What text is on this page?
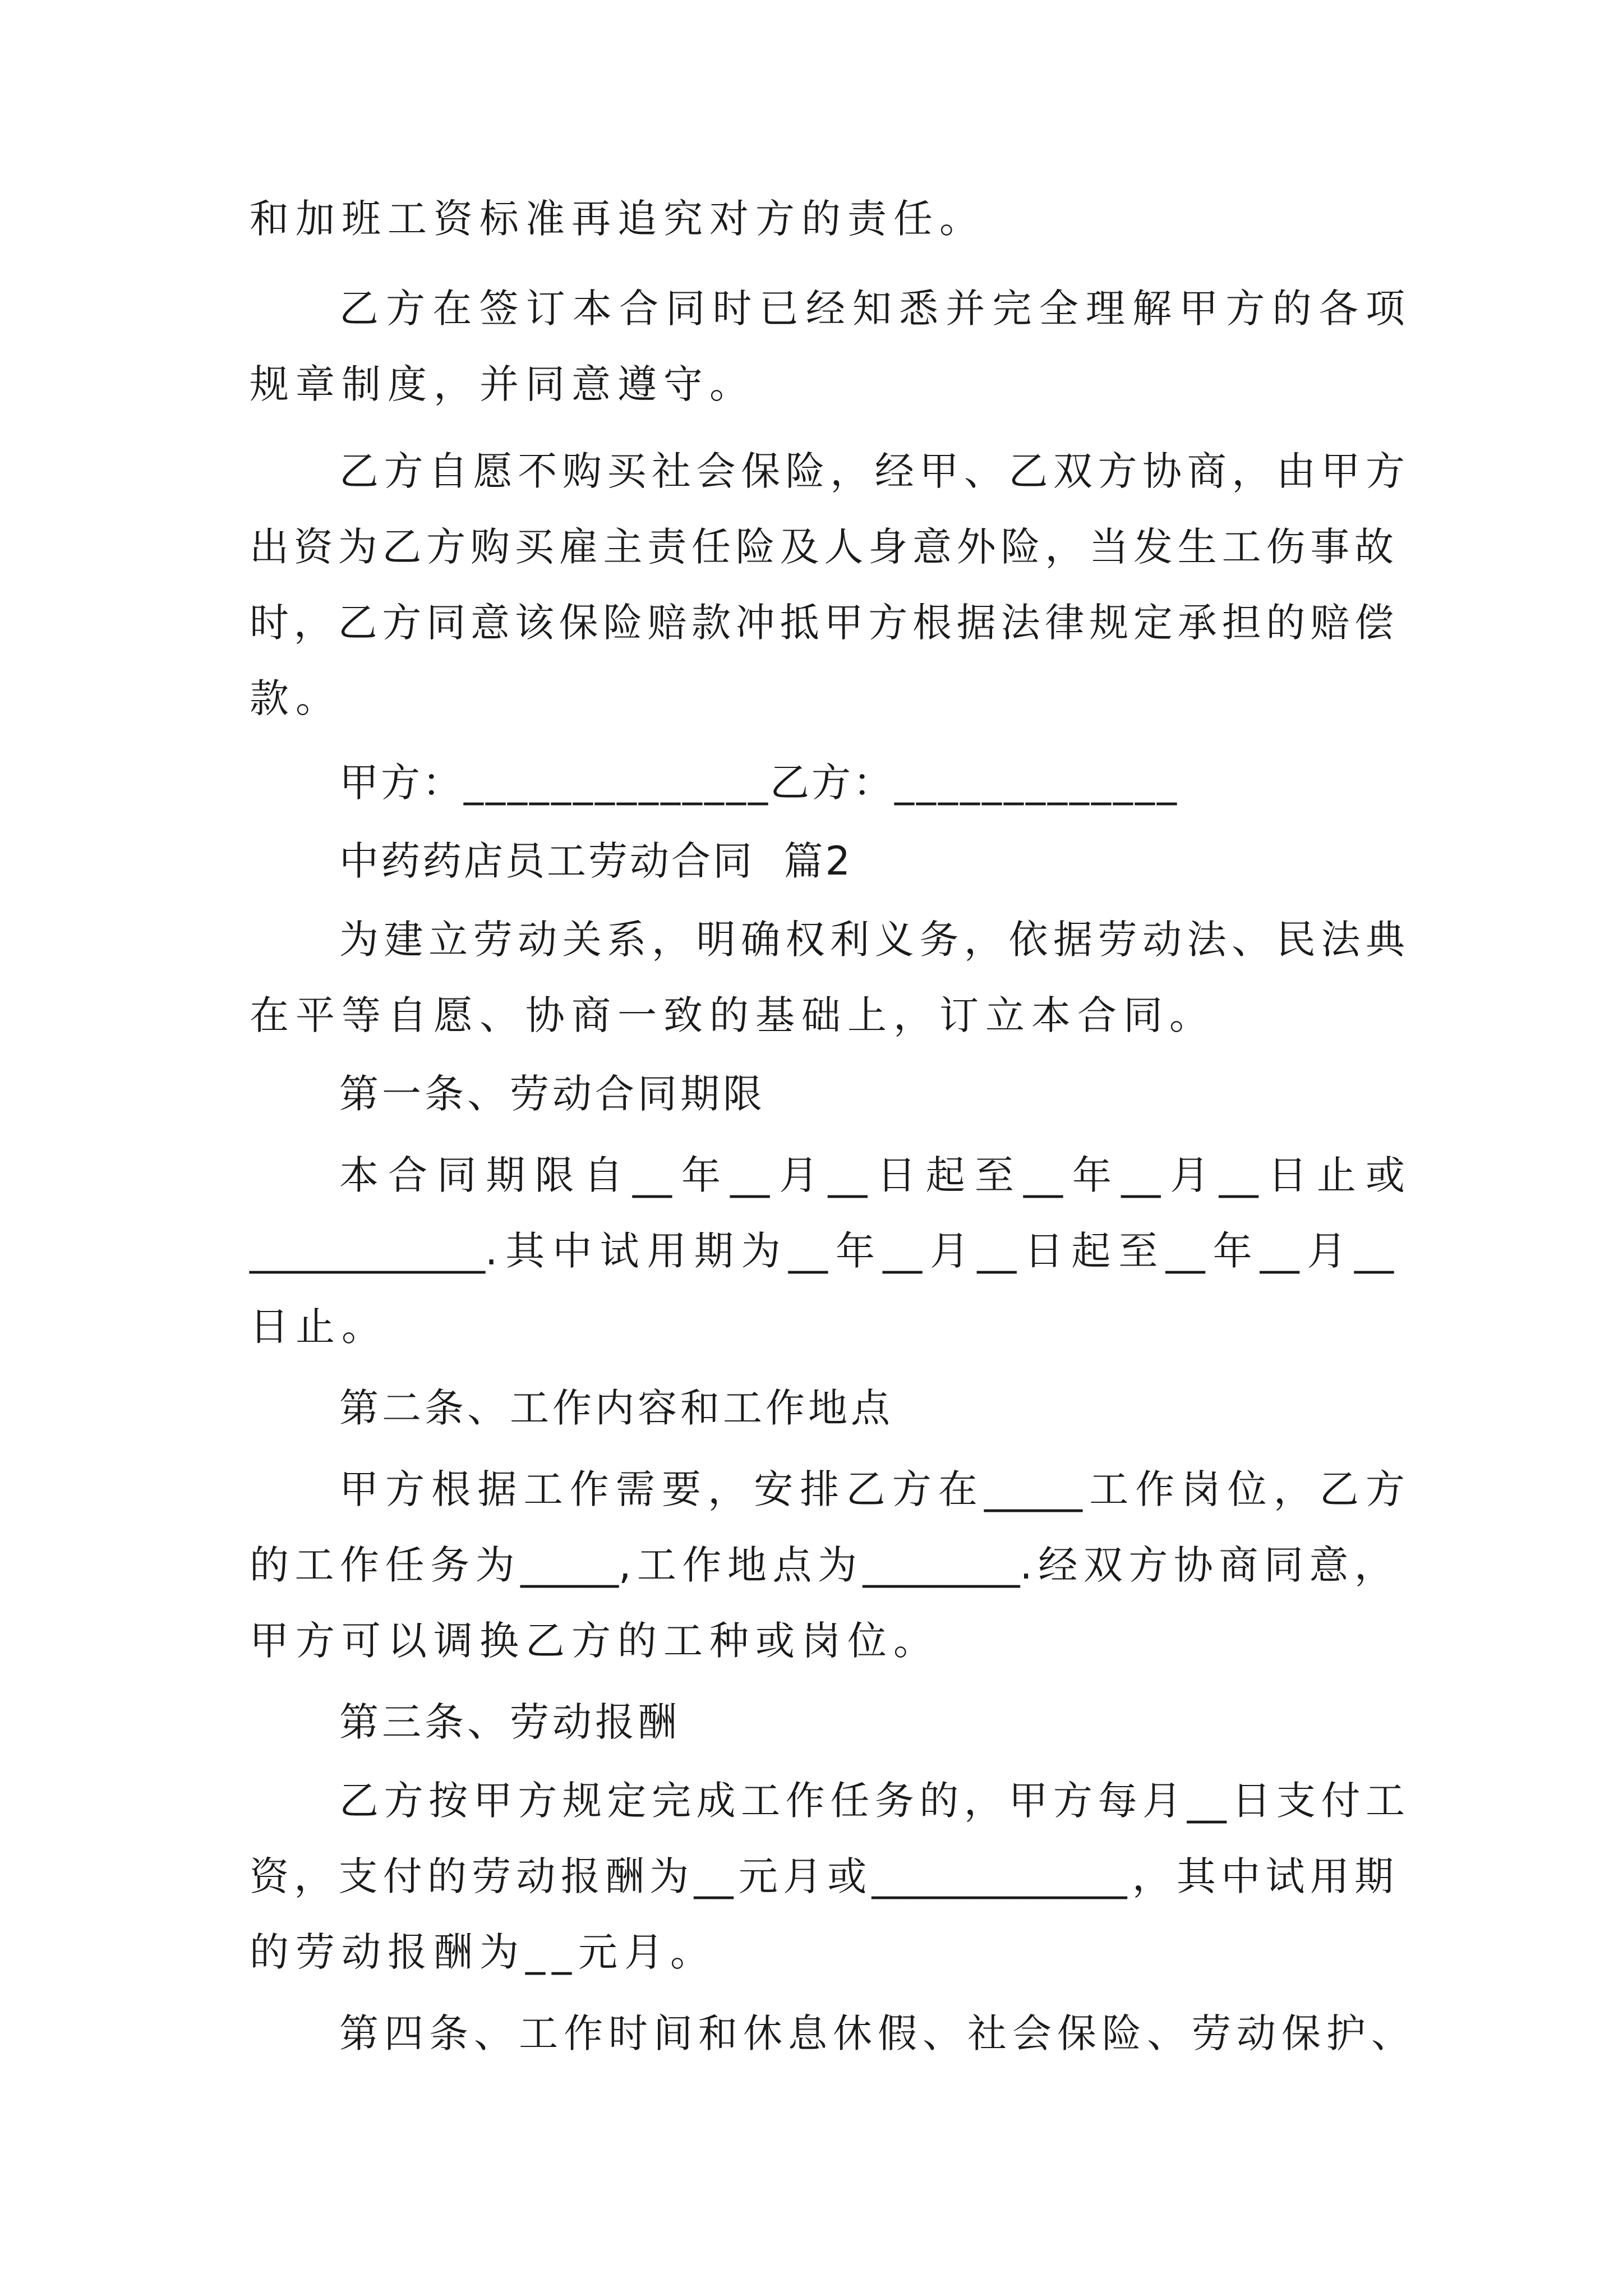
和加班工资标准再追究对方的责任。
乙方在签订本合同时已经知悉并完全理解甲方的各项
规章制度，并同意遵守。
乙方自愿不购买社会保险，经甲、乙双方协商，由甲方
出资为乙方购买雇主责任险及人身意外险，当发生工伤事故
时，乙方同意该保险赔款冲抵甲方根据法律规定承担的赔偿
款。
甲方：______________乙方：_____________
中药药店员工劳动合同  篇2
为建立劳动关系，明确权利义务，依据劳动法、民法典
在平等自愿、协商一致的基础上，订立本合同。
第一条、劳动合同期限
本合同期限自__年__月__日起至__年__月__日止或
____________.其中试用期为__年__月__日起至__年__月__
日止。
第二条、工作内容和工作地点
甲方根据工作需要，安排乙方在_____工作岗位，乙方
的工作任务为_____,工作地点为________.经双方协商同意，
甲方可以调换乙方的工种或岗位。
第三条、劳动报酬
乙方按甲方规定完成工作任务的，甲方每月__日支付工
资，支付的劳动报酬为__元月或_____________，其中试用期
的劳动报酬为__元月。
第四条、工作时间和休息休假、社会保险、劳动保护、
